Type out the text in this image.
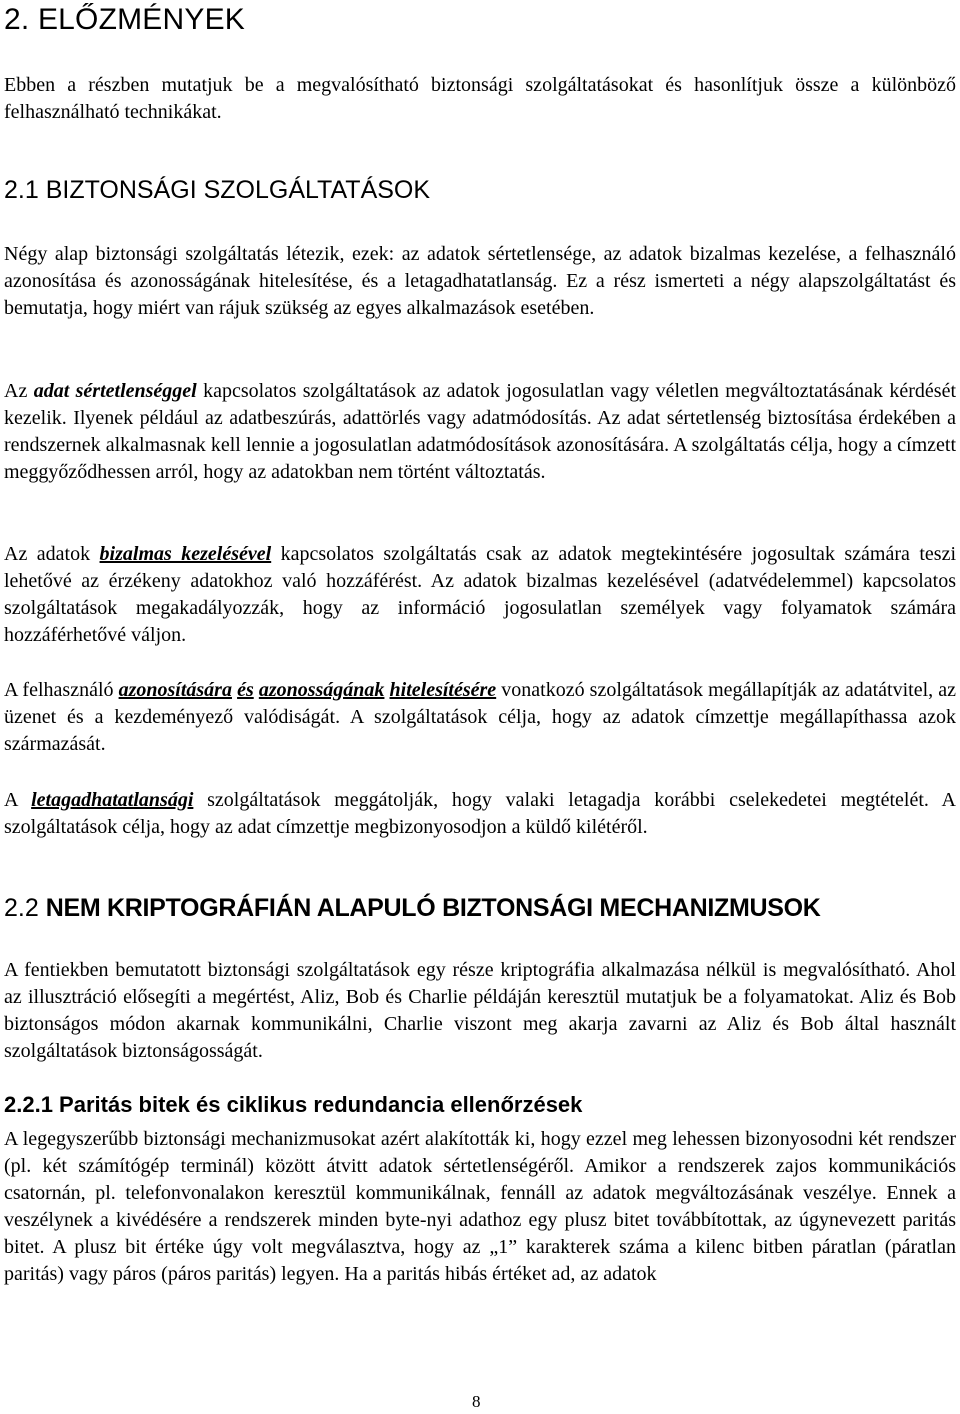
2. ELŐZMÉNYEK

Ebben a részben mutatjuk be a megvalósítható biztonsági szolgáltatásokat és hasonlítjuk össze a különböző felhasználható technikákat.

2.1 BIZTONSÁGI SZOLGÁLTATÁSOK

Négy alap biztonsági szolgáltatás létezik, ezek: az adatok sértetlensége, az adatok bizalmas kezelése, a felhasználó azonosítása és azonosságának hitelesítése, és a letagadhatatlanság. Ez a rész ismerteti a négy alapszolgáltatást és bemutatja, hogy miért van rájuk szükség az egyes alkalmazások esetében.

Az adat sértetlenséggel kapcsolatos szolgáltatások az adatok jogosulatlan vagy véletlen megváltoztatásának kérdését kezelik. Ilyenek például az adatbeszúrás, adattörlés vagy adatmódosítás. Az adat sértetlenség biztosítása érdekében a rendszernek alkalmasnak kell lennie a jogosulatlan adatmódosítások azonosítására. A szolgáltatás célja, hogy a címzett meggyőződhessen arról, hogy az adatokban nem történt változtatás.

Az adatok bizalmas kezelésével kapcsolatos szolgáltatás csak az adatok megtekintésére jogosultak számára teszi lehetővé az érzékeny adatokhoz való hozzáférést. Az adatok bizalmas kezelésével (adatvédelemmel) kapcsolatos szolgáltatások megakadályozzák, hogy az információ jogosulatlan személyek vagy folyamatok számára hozzáférhetővé váljon.

A felhasználó azonosítására és azonosságának hitelesítésére vonatkozó szolgáltatások megállapítják az adatátvitel, az üzenet és a kezdeményező valódiságát. A szolgáltatások célja, hogy az adatok címzettje megállapíthassa azok származását.

A letagadhatatlansági szolgáltatások meggátolják, hogy valaki letagadja korábbi cselekedetei megtételét. A szolgáltatások célja, hogy az adat címzettje megbizonyosodjon a küldő kilétéről.

2.2 NEM KRIPTOGRÁFIÁN ALAPULÓ BIZTONSÁGI MECHANIZMUSOK

A fentiekben bemutatott biztonsági szolgáltatások egy része kriptográfia alkalmazása nélkül is megvalósítható. Ahol az illusztráció elősegíti a megértést, Aliz, Bob és Charlie példáján keresztül mutatjuk be a folyamatokat. Aliz és Bob biztonságos módon akarnak kommunikálni, Charlie viszont meg akarja zavarni az Aliz és Bob által használt szolgáltatások biztonságosságát.

2.2.1 Paritás bitek és ciklikus redundancia ellenőrzések

A legegyszerűbb biztonsági mechanizmusokat azért alakították ki, hogy ezzel meg lehessen bizonyosodni két rendszer (pl. két számítógép terminál) között átvitt adatok sértetlenségéről. Amikor a rendszerek zajos kommunikációs csatornán, pl. telefonvonalakon keresztül kommunikálnak, fennáll az adatok megváltozásának veszélye. Ennek a veszélynek a kivédésére a rendszerek minden byte-nyi adathoz egy plusz bitet továbbítottak, az úgynevezett paritás bitet. A plusz bit értéke úgy volt megválasztva, hogy az „1” karakterek száma a kilenc bitben páratlan (páratlan paritás) vagy páros (páros paritás) legyen. Ha a paritás hibás értéket ad, az adatok

8
